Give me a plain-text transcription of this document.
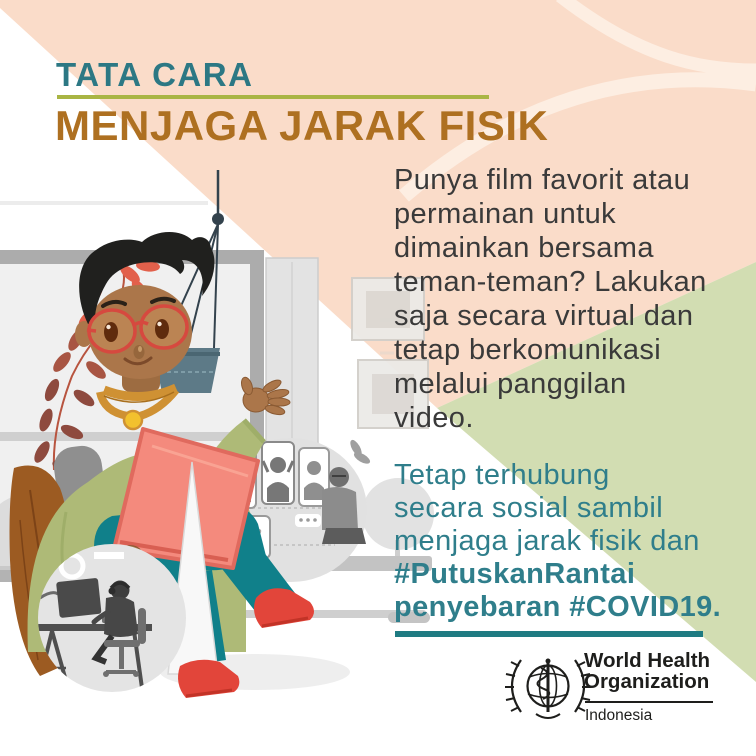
TATA CARA
MENJAGA JARAK FISIK
Punya film favorit atau
permainan untuk
dimainkan bersama
teman-teman? Lakukan
saja secara virtual dan
tetap berkomunikasi
melalui panggilan
video.
Tetap terhubung
secara sosial sambil
menjaga jarak fisik dan
#PutuskanRantai
penyebaran #COVID19.
World Health
Organization
Indonesia
